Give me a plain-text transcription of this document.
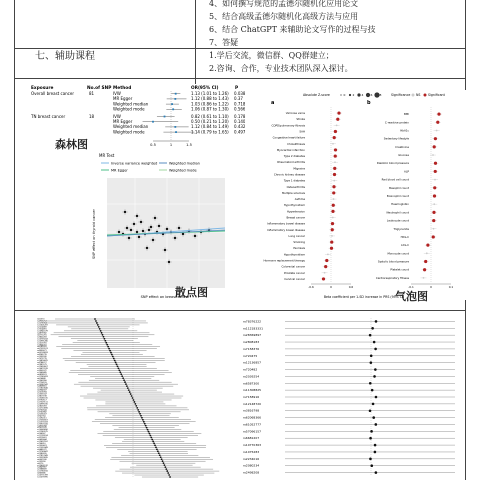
4、如何撰写规范的孟德尔随机化应用论文
5、结合高级孟德尔随机化高级方法与应用
6、结合 ChatGPT 来辅助论文写作的过程与技
7、答疑
七、辅助课程	1.学后交流，微信群、QQ群建立；
2.咨询、合作，专业技术团队深入探讨。
Exposure	No.of SNP Method	OR(95% CI)	P
Overall breast cancer	81	IVW	1.13 (1.01 to 1.26) 0.038
MR Egger	1.12 (0.88 to 1.43) 0.37
Weighted median	1.03 (0.86 to 1.22) 0.718
Weighted mode	1.06 (0.87 to 1.30) 0.566
TN breast cancer	18	IVW	0.82 (0.61 to 1.10) 0.178
MR Egger	0.50 (0.21 to 1.20) 0.140
Weighted median	1.12 (0.84 to 1.49) 0.432
Weighted mode	1.14 (0.79 to 1.65) 0.497
0.5	1	1.5
森林图
MR Test
Inverse variance weighted	Weighted median
MR Egger	Weighted mode
SNP effect on thyroid cancer
SNP effect on breast cancer
散点图
Absolute Z-score	0 2 4 6 8	Significance NS Significant
a	b
Varicose veins
Stroke
COPD/pulmonary fibrosis
SAH
Congestive heart failure
Cholelithiasis
Myocardial infarction
Type 2 diabetes
Rheumatoid arthritis
Migraine
Chronic kidney disease
Type 1 diabetes
Osteoarthritis
Multiple sclerosis
Asthma
Hypothyroidism
Hypertension
Breast cancer
Inflammatory bowel disease
Inflammatory bowel disease
Lung cancer
Smoking
Psoriasis
Hypothyroidism
Hormone replacement therapy
Colorectal cancer
Prostate cancer
Cervical cancer
-0.6	0	0.6
BMI
C-reactive protein
HbA1c
Sedentary lifestyle
Creatinine
Glucose
Diastolic blood pressure
ALP
Red blood cell count
Basophil count
Eosinophil count
Haemoglobin
Neutrophil count
Leukocyte count
Triglyceride
HDL-C
LDL-C
Monocyte count
Systolic blood pressure
Platelet count
Cardiorespiratory fitness
-0.1	0	0.1
Beta coefficient per 1-SD increase in PRS (95% CI)
气泡图
rs61570
rs4906252
rs1278364
rs11601287
rs2214869
rs7314891
rs10941679
rs4879382
rs6771291
rs3802283
rs10759243
rs12991280
rs1013781
rs7904301
rs8183241
rs67329123
rs4993471
rs65109833
rs4245739
rs1395930
rs7072776
rs10816625
rs4784227
rs2981579
rs12493607
rs10472076
rs3903072
rs1045485
rs6828523
rs11249433
rs616488
rs2363956
rs7726159
rs13387042
rs4808801
rs11820646
rs6964587
rs2016394
rs1353747
rs3817198
rs13281615
rs9790517
rs17529111
rs10995190
rs2823093
rs12710696
rs6762644
rs3760982
rs2236007
rs941764
rs1292011
rs17356907
rs11571833
rs75915166
rs4973768
rs1011970
rs10069690
rs11242675
rs204247
rs11199914
rs3215401
rs9693444
rs12422552
rs704010
rs1550623
rs11552449
rs9485372
rs72749841
rs2380205
rs17817449
rs13329835
rs6001930
rs132390
rs8170
rs12405132
rs4849887
rs2588809
rs11780156
rs865686
rs10771399
rs11075995
rs78376222
rs112183331
rs28369897
rs2808183
rs7158376
rs720475
rs12136857
rs720482
rs2039254
rs6587300
rs11308825
rs7158916
rs12148720
rs3816798
rs62068366
rs61052777
rs57096157
rs6681207
rs10770363
rs1075283
rs2234016
rs2080234
rs2498208
